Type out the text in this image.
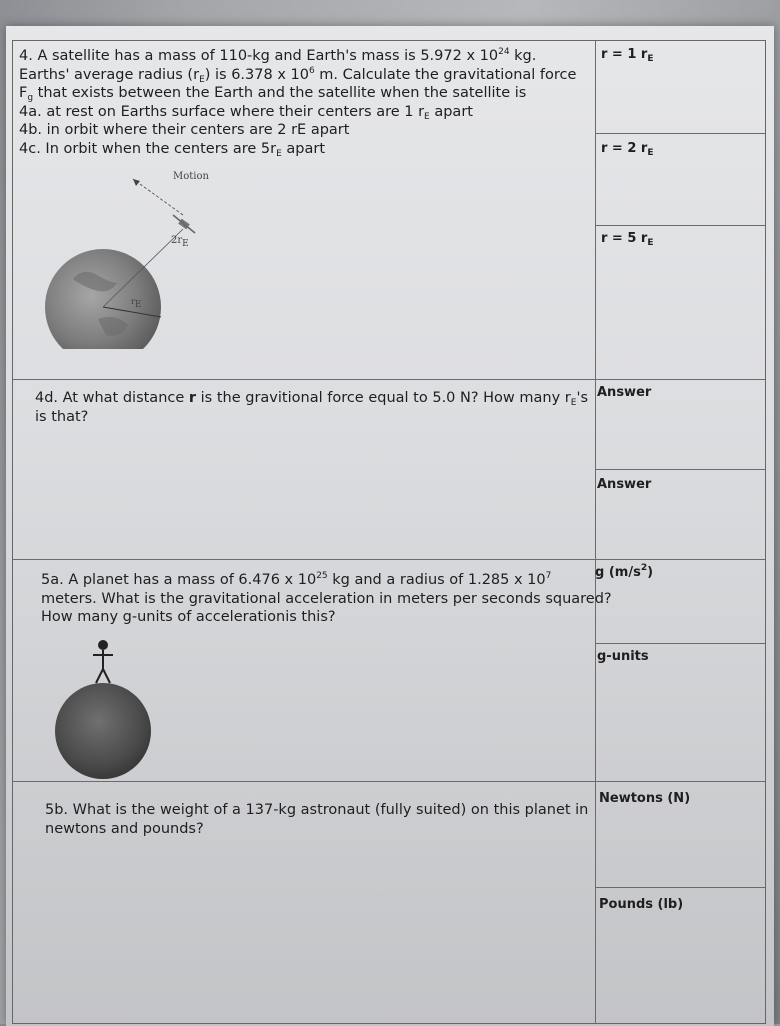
4. A satellite has a mass of 110-kg and Earth's mass is 5.972 x $10^{24}$ kg.
Earths' average radius $(r_E)$ is 6.378 x $10^6$ m. Calculate the gravitational force
$F_g$ that exists between the Earth and the satellite when the satellite is
4a. at rest on Earths surface where their centers are 1 $r_E$ apart
4b. in orbit where their centers are 2 rE apart
4c. In orbit when the centers are $5r_E$ apart
Motion
$2r_E$
$r_E$
r = 1 $r_E$
r = 2 $r_E$
r = 5 $r_E$
4d. At what distance r is the gravitional force equal to 5.0 N? How many $r_E's$
is that?
Answer
Answer
5a. A planet has a mass of 6.476 x $10^{25}$ kg and a radius of 1.285 x $10^7$
meters. What is the gravitational acceleration in meters per seconds squared?
How many g-units of accelerationis this?
g $(m/s^2)$
g-units
5b. What is the weight of a 137-kg astronaut (fully suited) on this planet in
newtons and pounds?
Newtons (N)
Pounds (lb)
